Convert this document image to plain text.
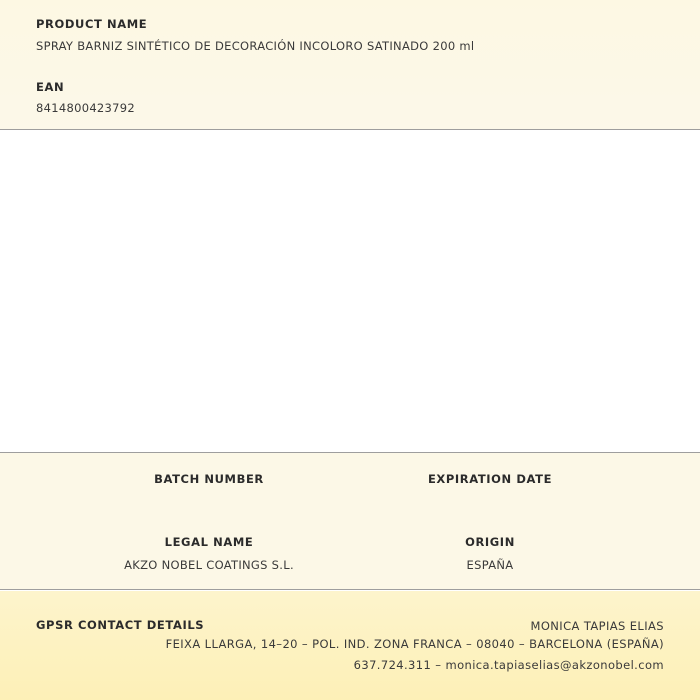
PRODUCT NAME
SPRAY BARNIZ SINTÉTICO DE DECORACIÓN INCOLORO SATINADO 200 ml
EAN
8414800423792
BATCH NUMBER	EXPIRATION DATE
LEGAL NAME
AKZO NOBEL COATINGS S.L.
ORIGIN
ESPAÑA
GPSR CONTACT DETAILS	MONICA TAPIAS ELIAS
FEIXA LLARGA, 14–20 – POL. IND. ZONA FRANCA – 08040 – BARCELONA (ESPAÑA)
637.724.311 – monica.tapiaselias@akzonobel.com
